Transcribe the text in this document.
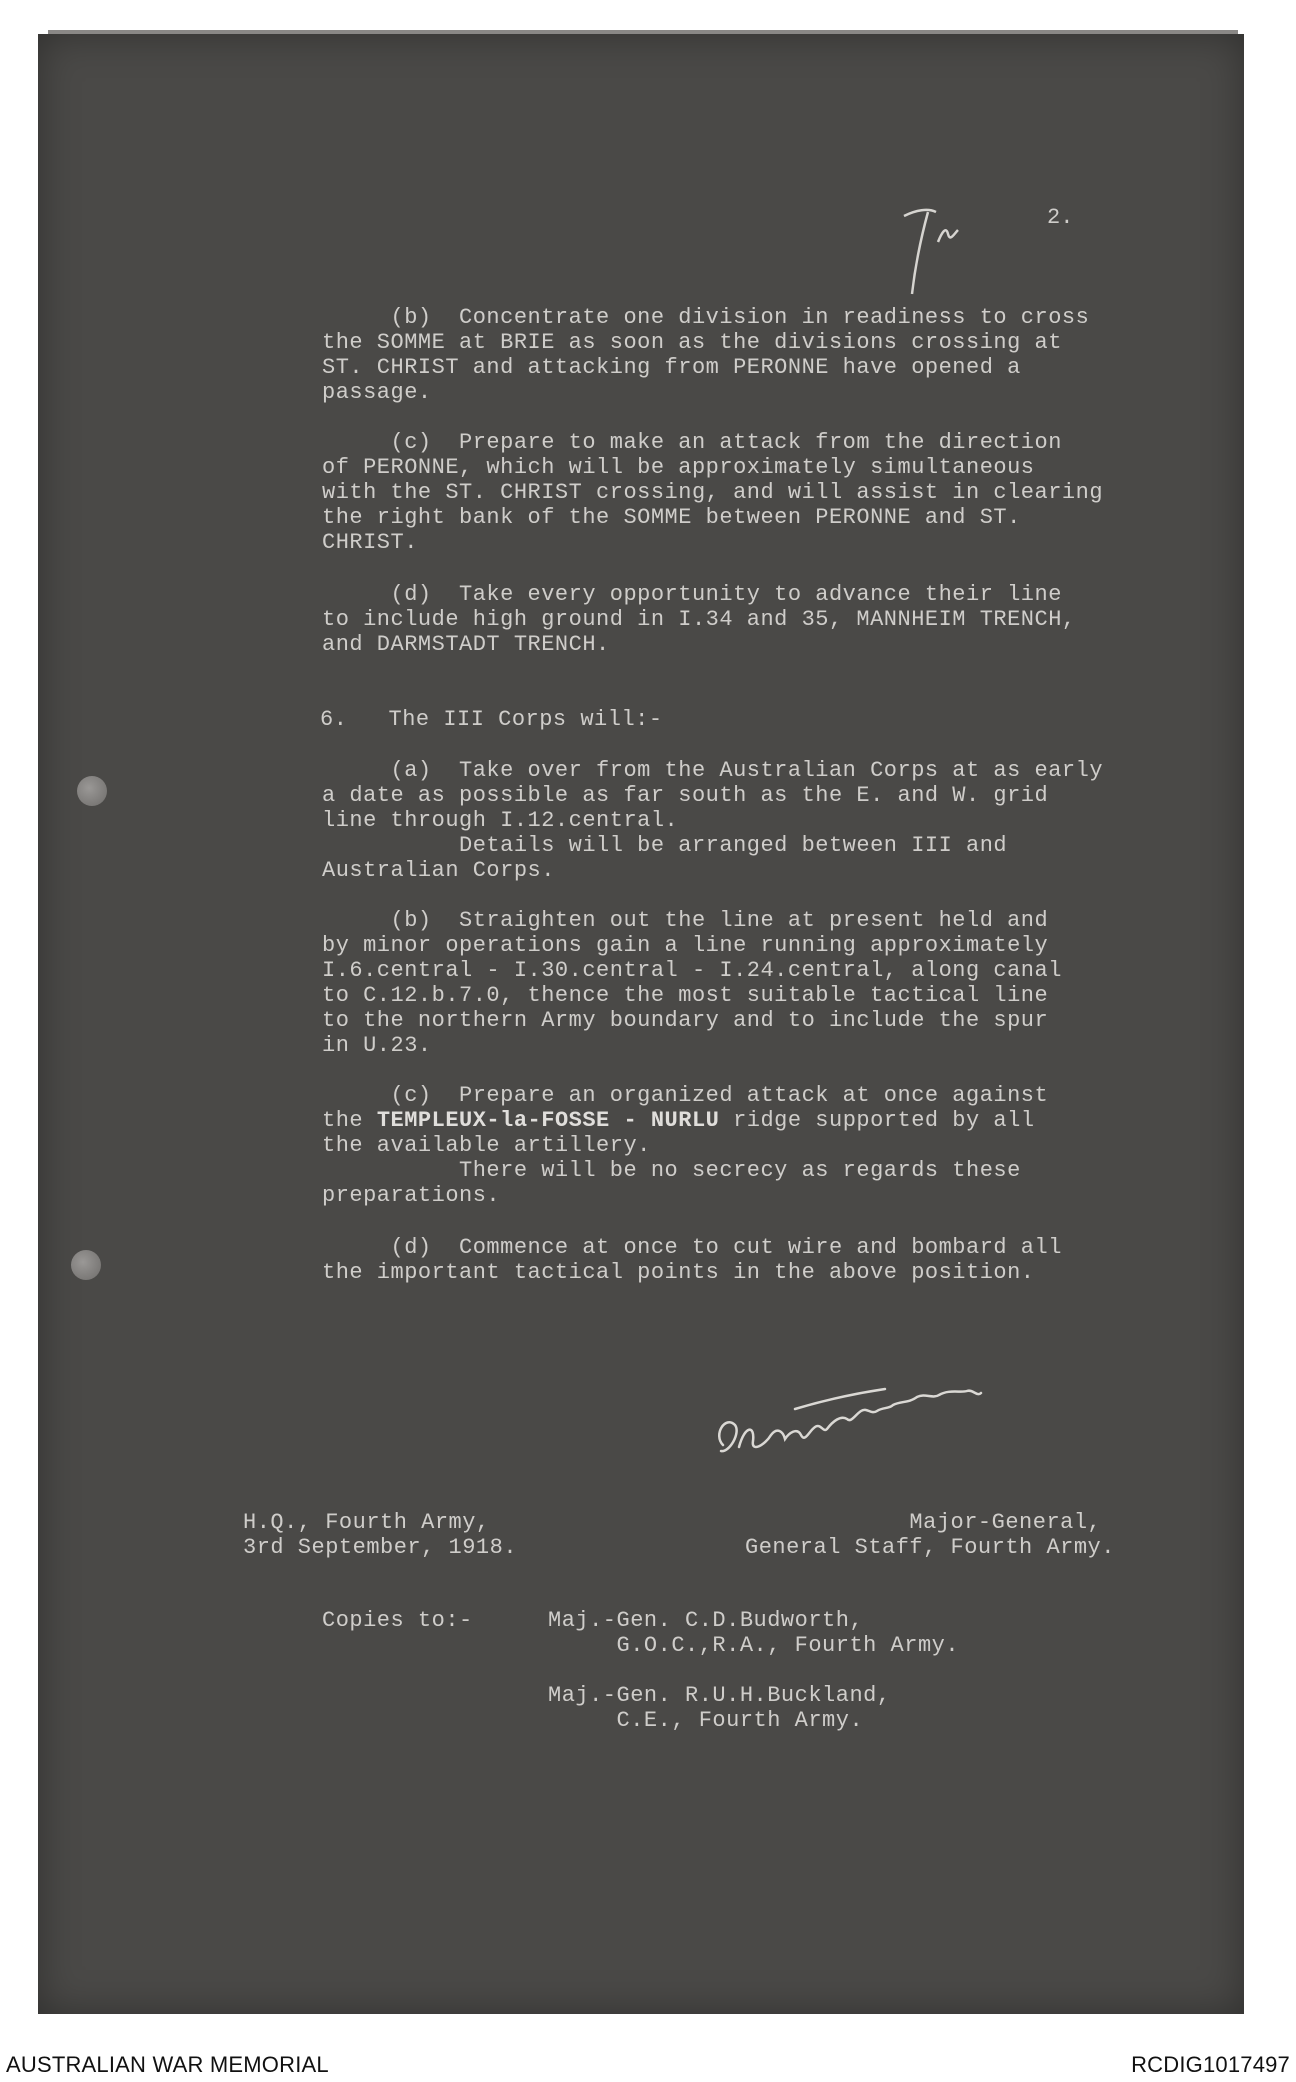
2.
(b)  Concentrate one division in readiness to cross
the SOMME at BRIE as soon as the divisions crossing at
ST. CHRIST and attacking from PERONNE have opened a
passage.
(c)  Prepare to make an attack from the direction
of PERONNE, which will be approximately simultaneous
with the ST. CHRIST crossing, and will assist in clearing
the right bank of the SOMME between PERONNE and ST.
CHRIST.
(d)  Take every opportunity to advance their line
to include high ground in I.34 and 35, MANNHEIM TRENCH,
and DARMSTADT TRENCH.
6.   The III Corps will:-
(a)  Take over from the Australian Corps at as early
a date as possible as far south as the E. and W. grid
line through I.12.central.
Details will be arranged between III and
Australian Corps.
(b)  Straighten out the line at present held and
by minor operations gain a line running approximately
I.6.central - I.30.central - I.24.central, along canal
to C.12.b.7.0, thence the most suitable tactical line
to the northern Army boundary and to include the spur
in U.23.
(c)  Prepare an organized attack at once against
the TEMPLEUX-la-FOSSE - NURLU ridge supported by all
the available artillery.
There will be no secrecy as regards these
preparations.
(d)  Commence at once to cut wire and bombard all
the important tactical points in the above position.
H.Q., Fourth Army,
3rd September, 1918.
Major-General,
General Staff, Fourth Army.
Copies to:-	Maj.-Gen. C.D.Budworth,
G.O.C.,R.A., Fourth Army.
Maj.-Gen. R.U.H.Buckland,
C.E., Fourth Army.
AUSTRALIAN WAR MEMORIAL	RCDIG1017497
